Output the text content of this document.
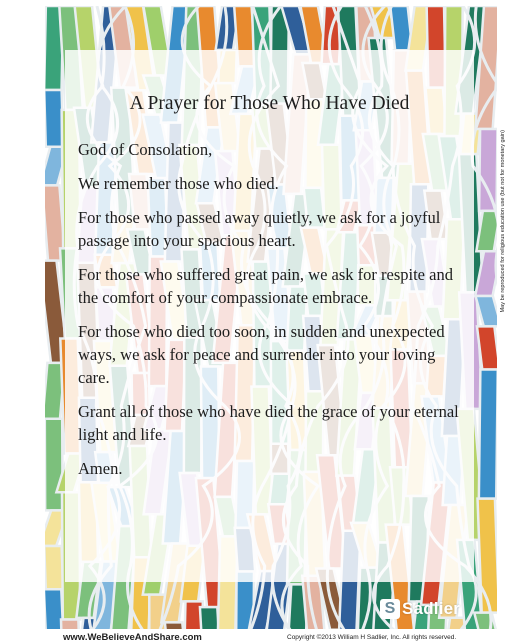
A Prayer for Those Who Have Died

God of Consolation,

We remember those who died.

For those who passed away quietly, we ask for a joyful passage into your spacious heart.

For those who suffered great pain, we ask for respite and the comfort of your compassionate embrace.

For those who died too soon, in sudden and unexpected ways, we ask for peace and surrender into your loving care.

Grant all of those who have died the grace of your eternal light and life.

Amen.

S Sadlier
May be reproduced for religious education use (but not for monetary gain)
www.WeBelieveAndShare.com	Copyright ©2013 William H Sadlier, Inc. All rights reserved.
